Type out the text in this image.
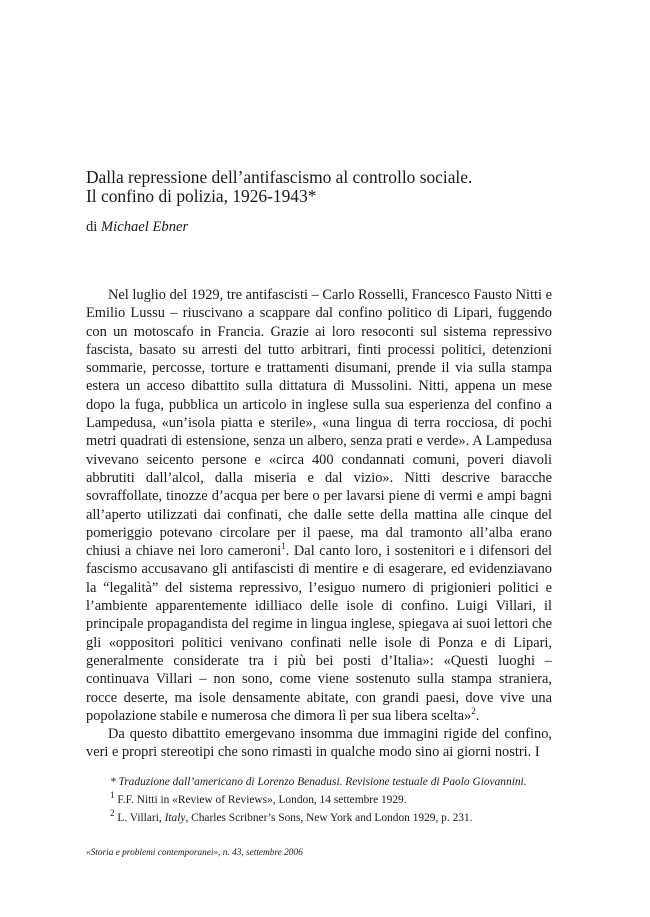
Dalla repressione dell’antifascismo al controllo sociale.
Il confino di polizia, 1926-1943*
di Michael Ebner

Nel luglio del 1929, tre antifascisti – Carlo Rosselli, Francesco Fausto Nitti e Emilio Lussu – riuscivano a scappare dal confino politico di Lipari, fuggendo con un motoscafo in Francia. Grazie ai loro resoconti sul sistema repressivo fascista, basato su arresti del tutto arbitrari, finti processi politici, detenzioni sommarie, percosse, torture e trattamenti disumani, prende il via sulla stampa estera un acceso dibattito sulla dittatura di Mussolini. Nitti, appena un mese dopo la fuga, pubblica un articolo in inglese sulla sua esperienza del confino a Lampedusa, «un’isola piatta e sterile», «una lingua di terra rocciosa, di pochi metri quadrati di estensione, senza un albero, senza prati e verde». A Lampedusa vivevano seicento persone e «circa 400 condannati comuni, poveri diavoli abbrutiti dall’alcol, dalla miseria e dal vizio». Nitti descrive baracche sovraffollate, tinozze d’acqua per bere o per lavarsi piene di vermi e ampi bagni all’aperto utilizzati dai confinati, che dalle sette della mattina alle cinque del pomeriggio potevano circolare per il paese, ma dal tramonto all’alba erano chiusi a chiave nei loro cameroni$^1$. Dal canto loro, i sostenitori e i difensori del fascismo accusavano gli antifascisti di mentire e di esagerare, ed evidenziavano la “legalità” del sistema repressivo, l’esiguo numero di prigionieri politici e l’ambiente apparentemente idilliaco delle isole di confino. Luigi Villari, il principale propagandista del regime in lingua inglese, spiegava ai suoi lettori che gli «oppositori politici venivano confinati nelle isole di Ponza e di Lipari, generalmente considerate tra i più bei posti d’Italia»: «Questi luoghi – continuava Villari – non sono, come viene sostenuto sulla stampa straniera, rocce deserte, ma isole densamente abitate, con grandi paesi, dove vive una popolazione stabile e numerosa che dimora lì per sua libera scelta»$^2$.

Da questo dibattito emergevano insomma due immagini rigide del confino, veri e propri stereotipi che sono rimasti in qualche modo sino ai giorni nostri. I

* Traduzione dall’americano di Lorenzo Benadusi. Revisione testuale di Paolo Giovannini.
$^1$ F.F. Nitti in «Review of Reviews», London, 14 settembre 1929.
$^2$ L. Villari, Italy, Charles Scribner’s Sons, New York and London 1929, p. 231.
«Storia e problemi contemporanei», n. 43, settembre 2006
